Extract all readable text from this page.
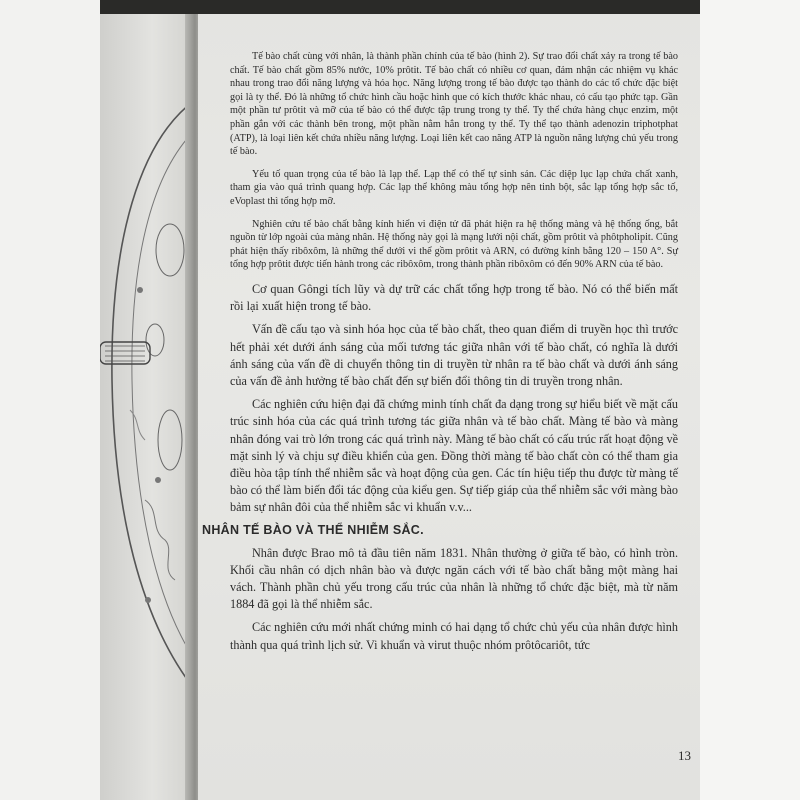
Tế bào chất cùng với nhân, là thành phần chính của tế bào (hình 2). Sự trao đổi chất xảy ra trong tế bào chất. Tế bào chất gồm 85% nước, 10% prôtit. Tế bào chất có nhiều cơ quan, đảm nhận các nhiệm vụ khác nhau trong trao đổi năng lượng và hóa học. Năng lượng trong tế bào được tạo thành do các tổ chức đặc biệt gọi là ty thể. Đó là những tổ chức hình cầu hoặc hình que có kích thước khác nhau, có cấu tạo phức tạp. Gần một phần tư prôtit và mỡ của tế bào có thể được tập trung trong ty thể. Ty thể chứa hàng chục enzim, một phần gắn với các thành bên trong, một phần nằm hẳn trong ty thể. Ty thể tạo thành adenozin triphotphat (ATP), là loại liên kết chứa nhiều năng lượng. Loại liên kết cao năng ATP là nguồn năng lượng chủ yếu trong tế bào.

Yếu tố quan trọng của tế bào là lạp thể. Lạp thể có thể tự sinh sản. Các diệp lục lạp chứa chất xanh, tham gia vào quá trình quang hợp. Các lạp thể không màu tổng hợp nên tinh bột, sắc lạp tổng hợp sắc tố, eVoplast thì tổng hợp mỡ.

Nghiên cứu tế bào chất bằng kính hiển vi điện tử đã phát hiện ra hệ thống màng và hệ thống ống, bắt nguồn từ lớp ngoài của màng nhân. Hệ thống này gọi là mạng lưới nội chất, gồm prôtit và phôtpholipit. Cũng phát hiện thấy ribôxôm, là những thể dưới vi thể gồm prôtit và ARN, có đường kính bằng 120 – 150 A°. Sự tổng hợp prôtit được tiến hành trong các ribôxôm, trong thành phần ribôxôm có đến 90% ARN của tế bào.

Cơ quan Gôngi tích lũy và dự trữ các chất tổng hợp trong tế bào. Nó có thể biến mất rồi lại xuất hiện trong tế bào.

Vấn đề cấu tạo và sinh hóa học của tế bào chất, theo quan điểm di truyền học thì trước hết phải xét dưới ánh sáng của mối tương tác giữa nhân với tế bào chất, có nghĩa là dưới ánh sáng của vấn đề di chuyển thông tin di truyền từ nhân ra tế bào chất và dưới ánh sáng của vấn đề ảnh hưởng tế bào chất đến sự biến đổi thông tin di truyền trong nhân.

Các nghiên cứu hiện đại đã chứng minh tính chất đa dạng trong sự hiểu biết về mặt cấu trúc sinh hóa của các quá trình tương tác giữa nhân và tế bào chất. Màng tế bào và màng nhân đóng vai trò lớn trong các quá trình này. Màng tế bào chất có cấu trúc rất hoạt động về mặt sinh lý và chịu sự điều khiển của gen. Đồng thời màng tế bào chất còn có thể tham gia điều hòa tập tính thể nhiễm sắc và hoạt động của gen. Các tín hiệu tiếp thu được từ màng tế bào có thể làm biến đổi tác động của kiểu gen. Sự tiếp giáp của thể nhiễm sắc với màng bào bảm sự nhân đôi của thể nhiễm sắc vi khuẩn v.v...

NHÂN TẾ BÀO VÀ THỂ NHIỄM SẮC.

Nhân được Brao mô tả đầu tiên năm 1831. Nhân thường ở giữa tế bào, có hình tròn. Khối cầu nhân có dịch nhân bào và được ngăn cách với tế bào chất bằng một màng hai vách. Thành phần chủ yếu trong cấu trúc của nhân là những tổ chức đặc biệt, mà từ năm 1884 đã gọi là thể nhiễm sắc.

Các nghiên cứu mới nhất chứng minh có hai dạng tổ chức chủ yếu của nhân được hình thành qua quá trình lịch sử. Vi khuẩn và virut thuộc nhóm prôtôcariôt, tức

13
